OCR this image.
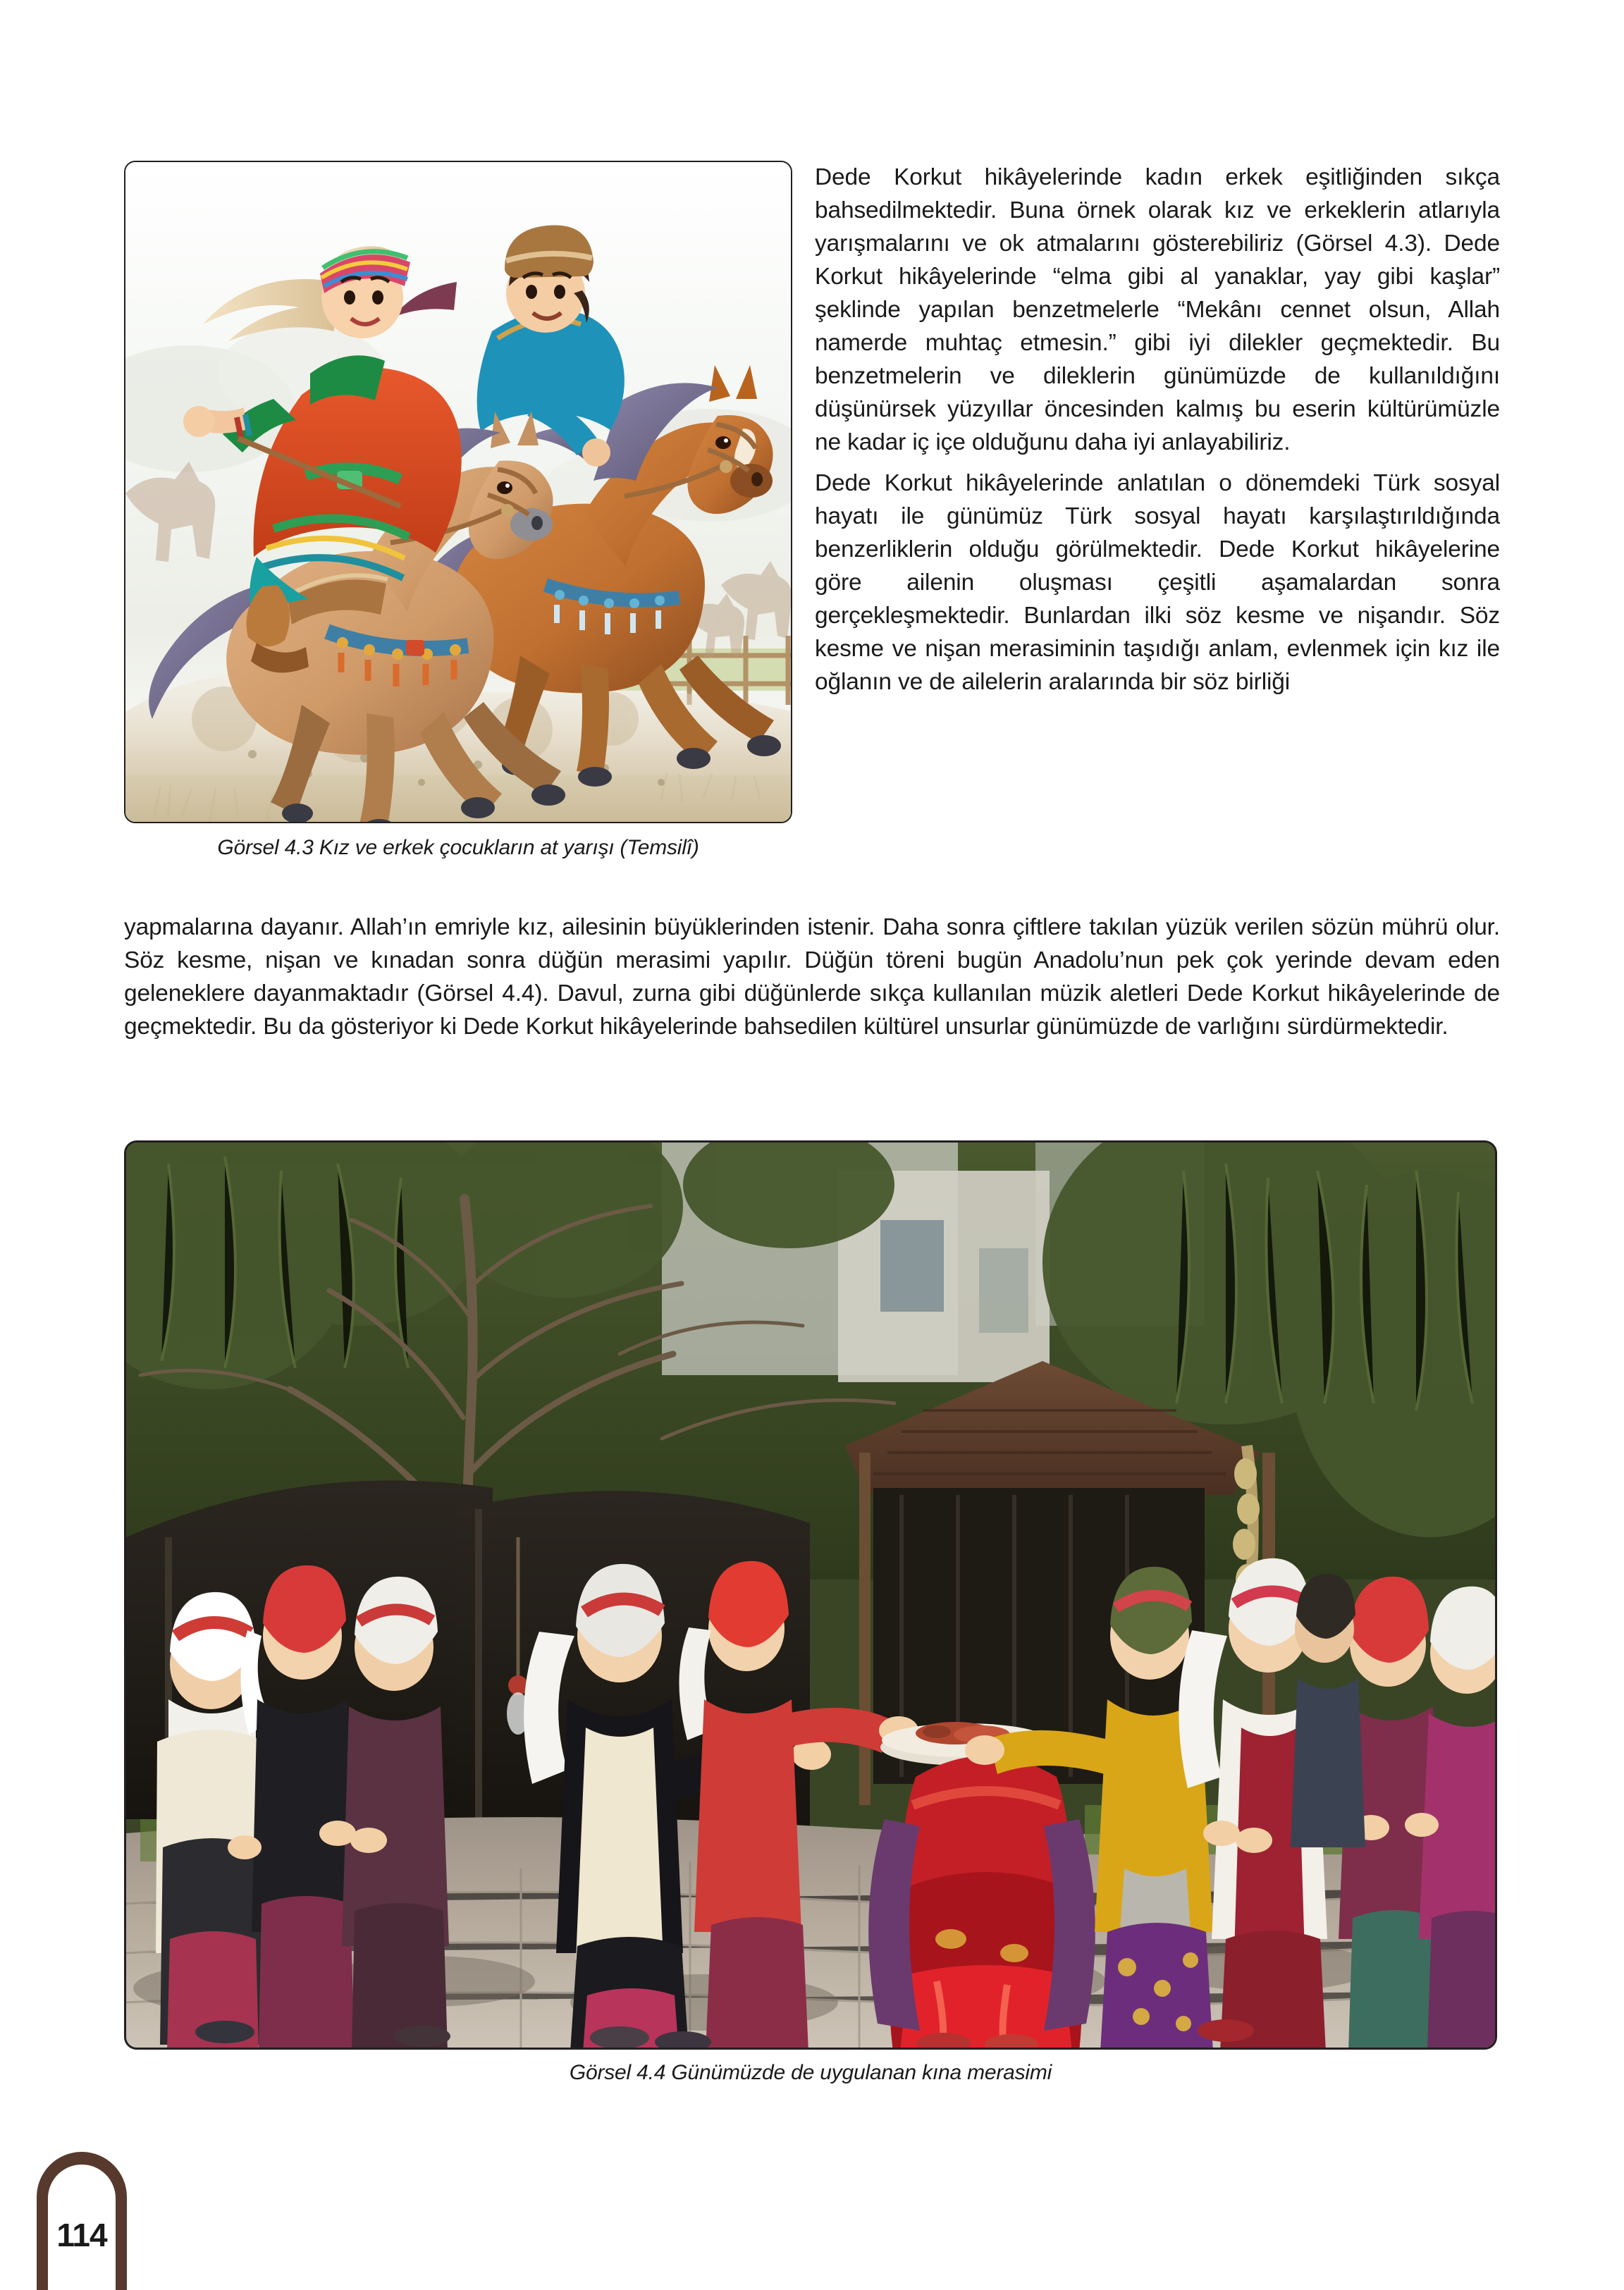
Görsel 4.3 Kız ve erkek çocukların at yarışı (Temsilî)

Dede Korkut hikâyelerinde kadın erkek eşitliğinden sıkça bahsedilmektedir. Buna örnek olarak kız ve erkeklerin atlarıyla yarışmalarını ve ok atmalarını gösterebiliriz (Görsel 4.3). Dede Korkut hikâyelerinde “elma gibi al yanaklar, yay gibi kaşlar” şeklinde yapılan benzetmelerle “Mekânı cennet olsun, Allah namerde muhtaç etmesin.” gibi iyi dilekler geçmektedir. Bu benzetmelerin ve dileklerin günümüzde de kullanıldığını düşünürsek yüzyıllar öncesinden kalmış bu eserin kültürümüzle ne kadar iç içe olduğunu daha iyi anlayabiliriz.

Dede Korkut hikâyelerinde anlatılan o dönemdeki Türk sosyal hayatı ile günümüz Türk sosyal hayatı karşılaştırıldığında benzerliklerin olduğu görülmektedir. Dede Korkut hikâyelerine göre ailenin oluşması çeşitli aşamalardan sonra gerçekleşmektedir. Bunlardan ilki söz kesme ve nişandır. Söz kesme ve nişan merasiminin taşıdığı anlam, evlenmek için kız ile oğlanın ve de ailelerin aralarında bir söz birliği

yapmalarına dayanır. Allah’ın emriyle kız, ailesinin büyüklerinden istenir. Daha sonra çiftlere takılan yüzük verilen sözün mührü olur. Söz kesme, nişan ve kınadan sonra düğün merasimi yapılır. Düğün töreni bugün Anadolu’nun pek çok yerinde devam eden geleneklere dayanmaktadır (Görsel 4.4). Davul, zurna gibi düğünlerde sıkça kullanılan müzik aletleri Dede Korkut hikâyelerinde de geçmektedir. Bu da gösteriyor ki Dede Korkut hikâyelerinde bahsedilen kültürel unsurlar günümüzde de varlığını sürdürmektedir.

Görsel 4.4 Günümüzde de uygulanan kına merasimi
114
